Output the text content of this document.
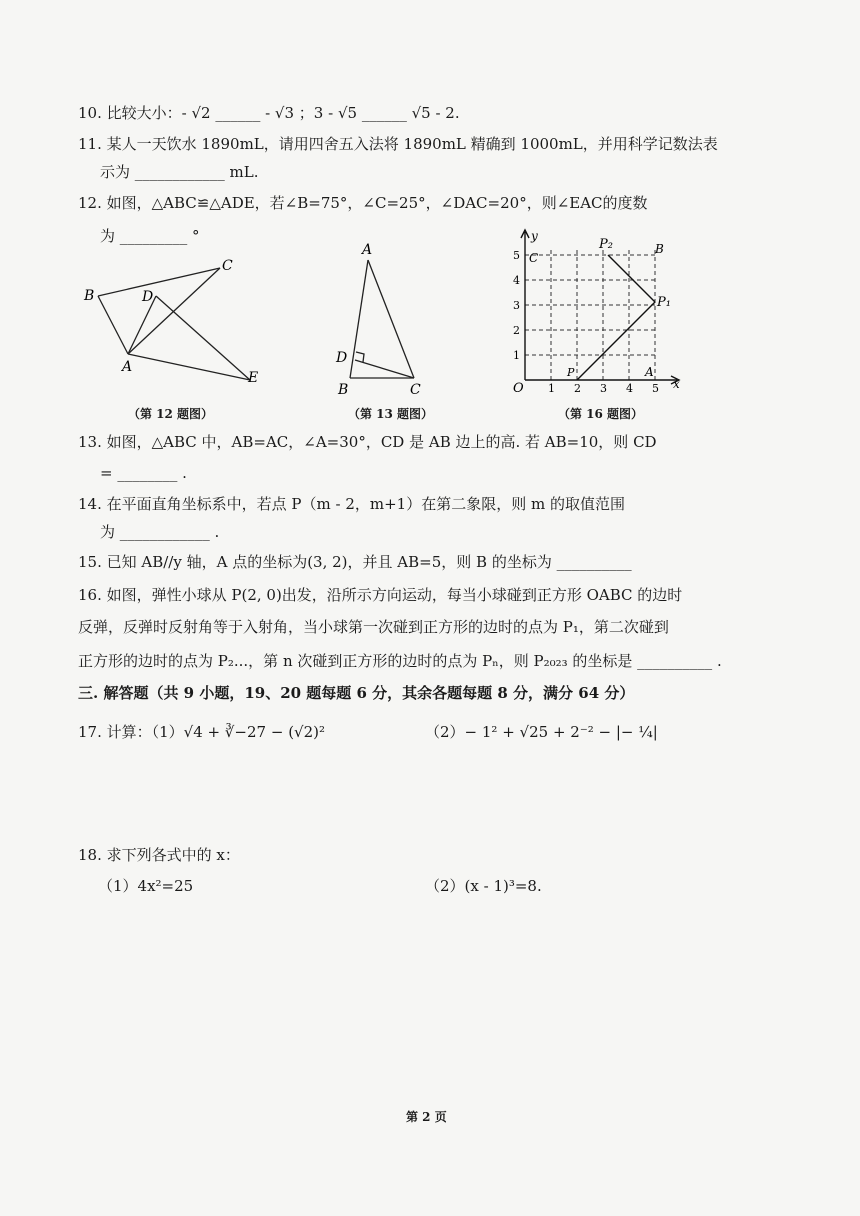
10. 比较大小：- √2 ______ - √3 ；3 - √5 ______ √5 - 2.
11. 某人一天饮水 1890mL，请用四舍五入法将 1890mL 精确到 1000mL，并用科学记数法表
示为 ____________ mL.
12. 如图，△ABC≌△ADE，若∠B=75°，∠C=25°，∠DAC=20°，则∠EAC的度数
为 _________ °
B
C
D
A
E
（第 12 题图）
A
D
B	C
（第 13 题图）
y
x
O
C
B
A
P
P₁
P₂
1
2
3
4
5
1 2 3 4 5
（第 16 题图）
13. 如图，△ABC 中，AB=AC，∠A=30°，CD 是 AB 边上的高. 若 AB=10，则 CD
= ________ .
14. 在平面直角坐标系中，若点 P（m - 2，m+1）在第二象限，则 m 的取值范围
为 ____________ .
15. 已知 AB//y 轴，A 点的坐标为(3, 2)，并且 AB=5，则 B 的坐标为 __________
16. 如图，弹性小球从 P(2, 0)出发，沿所示方向运动，每当小球碰到正方形 OABC 的边时
反弹，反弹时反射角等于入射角，当小球第一次碰到正方形的边时的点为 P₁，第二次碰到
正方形的边时的点为 P₂...，第 n 次碰到正方形的边时的点为 Pₙ，则 P₂₀₂₃ 的坐标是 __________ .
三. 解答题（共 9 小题，19、20 题每题 6 分，其余各题每题 8 分，满分 64 分）
17. 计算：（1）√4 + ∛−27 − (√2)²	（2）− 1² + √25 + 2⁻² − |− ¼|
18. 求下列各式中的 x：
（1）4x²=25	（2）(x - 1)³=8.
第 2 页
